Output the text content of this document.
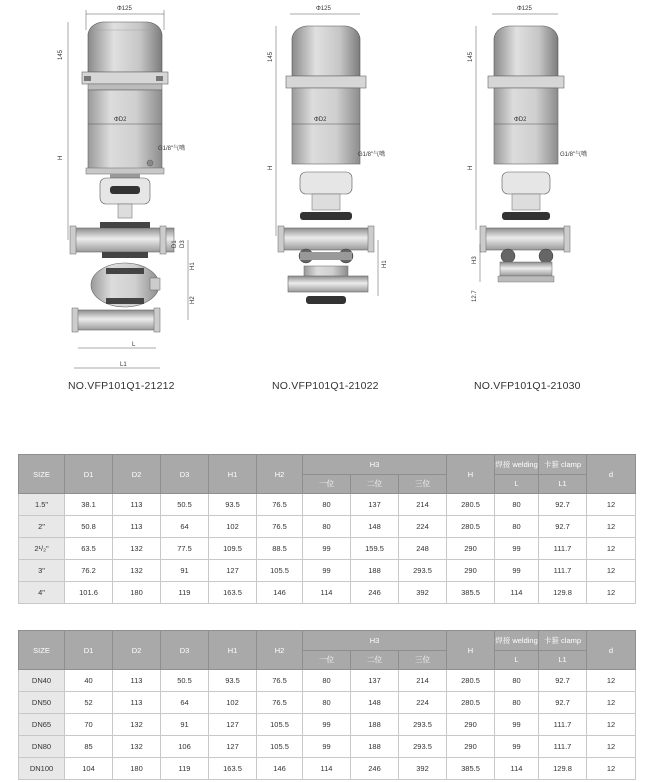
Φ125
ΦD2
G1/8"气嘴
145
H
D1 D3
H1
H2
L
L1
Φ125
ΦD2
G1/8"气嘴
145
H
H1
Φ125
ΦD2
G1/8"气嘴
145
H
H3
12.7
NO.VFP101Q1-21212	NO.VFP101Q1-21022	NO.VFP101Q1-21030
SIZE	D1	D2	D3	H1	H2	H3			H	焊接 welding	卡箍 clamp	d
						一位	二位	三位		L	L1	
1.5"	38.1	113	50.5	93.5	76.5	80	137	214	280.5	80	92.7	12
2"	50.8	113	64	102	76.5	80	148	224	280.5	80	92.7	12
2¹/₂"	63.5	132	77.5	109.5	88.5	99	159.5	248	290	99	111.7	12
3"	76.2	132	91	127	105.5	99	188	293.5	290	99	111.7	12
4"	101.6	180	119	163.5	146	114	246	392	385.5	114	129.8	12
SIZE	D1	D2	D3	H1	H2	H3			H	焊接 welding	卡箍 clamp	d
						一位	二位	三位		L	L1	
DN40	40	113	50.5	93.5	76.5	80	137	214	280.5	80	92.7	12
DN50	52	113	64	102	76.5	80	148	224	280.5	80	92.7	12
DN65	70	132	91	127	105.5	99	188	293.5	290	99	111.7	12
DN80	85	132	106	127	105.5	99	188	293.5	290	99	111.7	12
DN100	104	180	119	163.5	146	114	246	392	385.5	114	129.8	12
